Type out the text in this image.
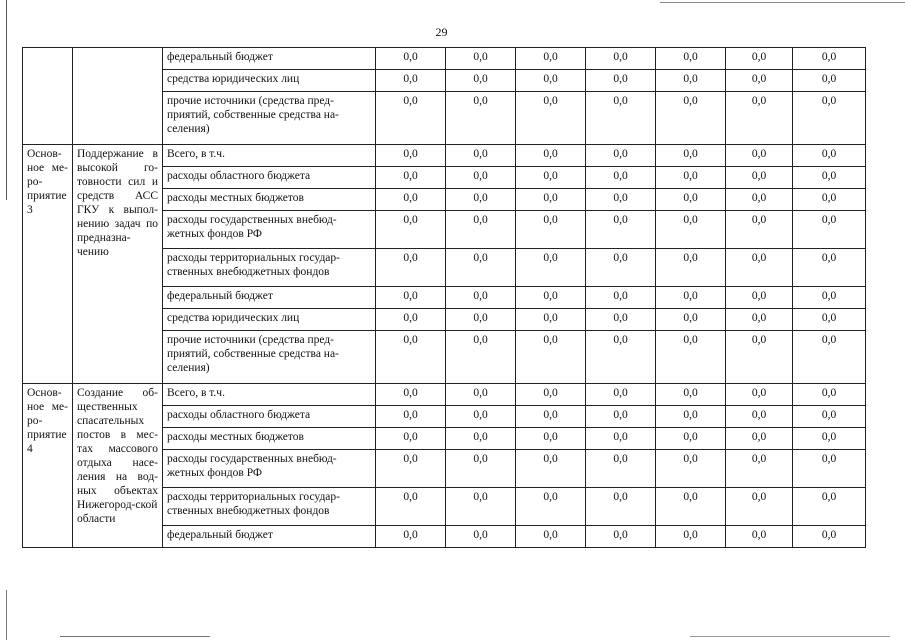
29
		федеральный бюджет	0,0	0,0	0,0	0,0	0,0	0,0	0,0
		средства юридических лиц	0,0	0,0	0,0	0,0	0,0	0,0	0,0
		прочие источники (средства пред-приятий, собственные средства на-селения)	0,0	0,0	0,0	0,0	0,0	0,0	0,0
Основ-ное ме-ро-приятие 3	Поддержание в высокой го-товности сил и средств АСС ГКУ к выпол-нению задач по предназна-чению	Всего, в т.ч.	0,0	0,0	0,0	0,0	0,0	0,0	0,0
		расходы областного бюджета	0,0	0,0	0,0	0,0	0,0	0,0	0,0
		расходы местных бюджетов	0,0	0,0	0,0	0,0	0,0	0,0	0,0
		расходы государственных внебюд-жетных фондов РФ	0,0	0,0	0,0	0,0	0,0	0,0	0,0
		расходы территориальных государ-ственных внебюджетных фондов	0,0	0,0	0,0	0,0	0,0	0,0	0,0
		федеральный бюджет	0,0	0,0	0,0	0,0	0,0	0,0	0,0
		средства юридических лиц	0,0	0,0	0,0	0,0	0,0	0,0	0,0
		прочие источники (средства пред-приятий, собственные средства на-селения)	0,0	0,0	0,0	0,0	0,0	0,0	0,0
Основ-ное ме-ро-приятие 4	Создание об-щественных спасательных постов в мес-тах массового отдыха насе-ления на вод-ных объектах Нижегород-ской области	Всего, в т.ч.	0,0	0,0	0,0	0,0	0,0	0,0	0,0
		расходы областного бюджета	0,0	0,0	0,0	0,0	0,0	0,0	0,0
		расходы местных бюджетов	0,0	0,0	0,0	0,0	0,0	0,0	0,0
		расходы государственных внебюд-жетных фондов РФ	0,0	0,0	0,0	0,0	0,0	0,0	0,0
		расходы территориальных государ-ственных внебюджетных фондов	0,0	0,0	0,0	0,0	0,0	0,0	0,0
		федеральный бюджет	0,0	0,0	0,0	0,0	0,0	0,0	0,0
